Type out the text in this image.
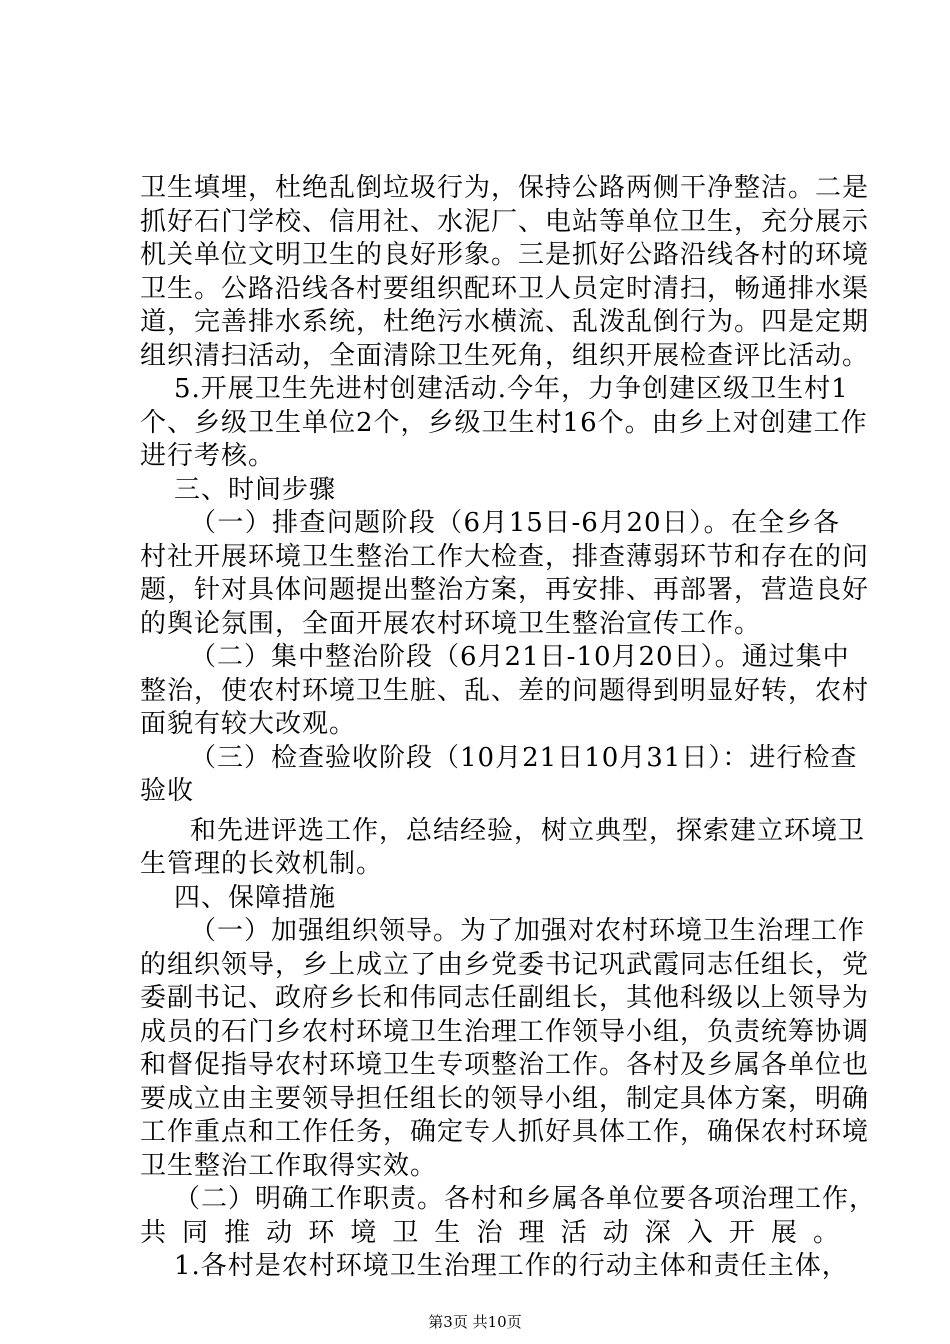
卫生填埋，杜绝乱倒垃圾行为，保持公路两侧干净整洁。二是
抓好石门学校、信用社、水泥厂、电站等单位卫生，充分展示
机关单位文明卫生的良好形象。三是抓好公路沿线各村的环境
卫生。公路沿线各村要组织配环卫人员定时清扫，畅通排水渠
道，完善排水系统，杜绝污水横流、乱泼乱倒行为。四是定期
组织清扫活动，全面清除卫生死角，组织开展检查评比活动。
5.开展卫生先进村创建活动.今年，力争创建区级卫生村1
个、乡级卫生单位2个，乡级卫生村16个。由乡上对创建工作
进行考核。
三、时间步骤
（一）排查问题阶段（6月15日-6月20日）。在全乡各
村社开展环境卫生整治工作大检查，排查薄弱环节和存在的问
题，针对具体问题提出整治方案，再安排、再部署，营造良好
的舆论氛围，全面开展农村环境卫生整治宣传工作。
（二）集中整治阶段（6月21日-10月20日）。通过集中
整治，使农村环境卫生脏、乱、差的问题得到明显好转，农村
面貌有较大改观。
（三）检查验收阶段（10月21日10月31日）：进行检查
验收
和先进评选工作，总结经验，树立典型，探索建立环境卫
生管理的长效机制。
四、保障措施
（一）加强组织领导。为了加强对农村环境卫生治理工作
的组织领导，乡上成立了由乡党委书记巩武霞同志任组长，党
委副书记、政府乡长和伟同志任副组长，其他科级以上领导为
成员的石门乡农村环境卫生治理工作领导小组，负责统筹协调
和督促指导农村环境卫生专项整治工作。各村及乡属各单位也
要成立由主要领导担任组长的领导小组，制定具体方案，明确
工作重点和工作任务，确定专人抓好具体工作，确保农村环境
卫生整治工作取得实效。
（二）明确工作职责。各村和乡属各单位要各项治理工作，
共同推动环境卫生治理活动深入开展。
1.各村是农村环境卫生治理工作的行动主体和责任主体，
第3页 共10页
